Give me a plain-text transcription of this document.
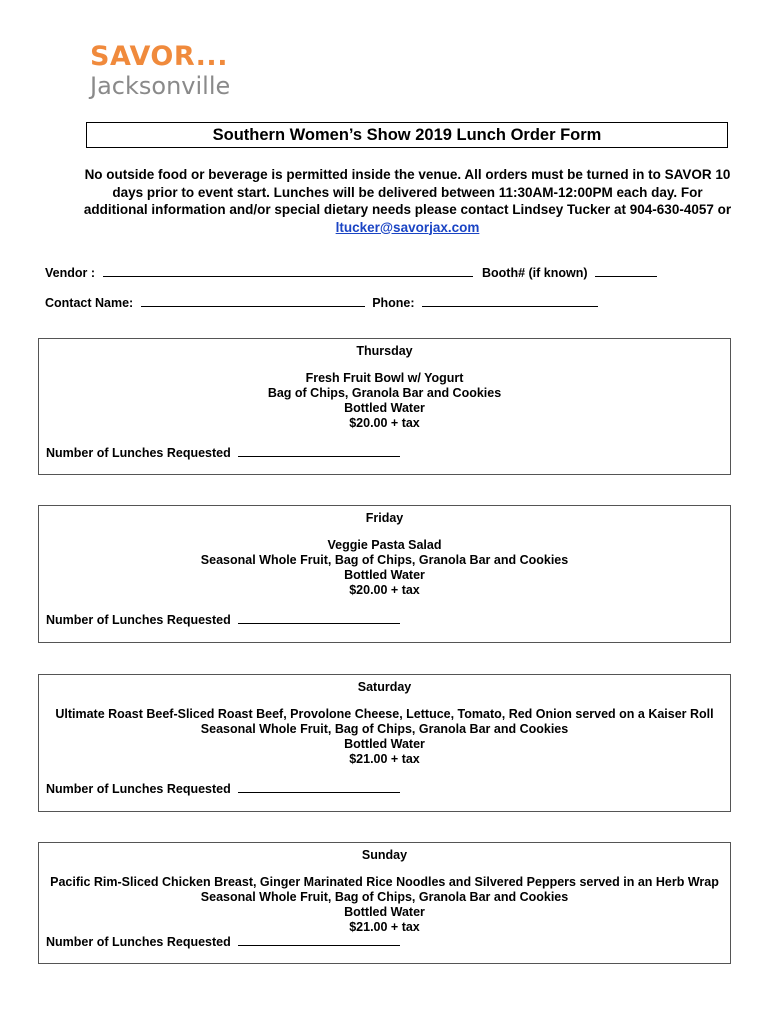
SAVOR...
Jacksonville
Southern Women’s Show 2019 Lunch Order Form
No outside food or beverage is permitted inside the venue. All orders must be turned in to SAVOR 10 days prior to event start. Lunches will be delivered between 11:30AM-12:00PM each day. For additional information and/or special dietary needs please contact Lindsey Tucker at 904-630-4057 or ltucker@savorjax.com
Vendor :	Booth# (if known)
Contact Name:	Phone:
Thursday
Fresh Fruit Bowl w/ Yogurt
Bag of Chips, Granola Bar and Cookies
Bottled Water
$20.00 + tax
Number of Lunches Requested
Friday
Veggie Pasta Salad
Seasonal Whole Fruit, Bag of Chips, Granola Bar and Cookies
Bottled Water
$20.00 + tax
Number of Lunches Requested
Saturday
Ultimate Roast Beef-Sliced Roast Beef, Provolone Cheese, Lettuce, Tomato, Red Onion served on a Kaiser Roll
Seasonal Whole Fruit, Bag of Chips, Granola Bar and Cookies
Bottled Water
$21.00 + tax
Number of Lunches Requested
Sunday
Pacific Rim-Sliced Chicken Breast, Ginger Marinated Rice Noodles and Silvered Peppers served in an Herb Wrap
Seasonal Whole Fruit, Bag of Chips, Granola Bar and Cookies
Bottled Water
$21.00 + tax
Number of Lunches Requested
